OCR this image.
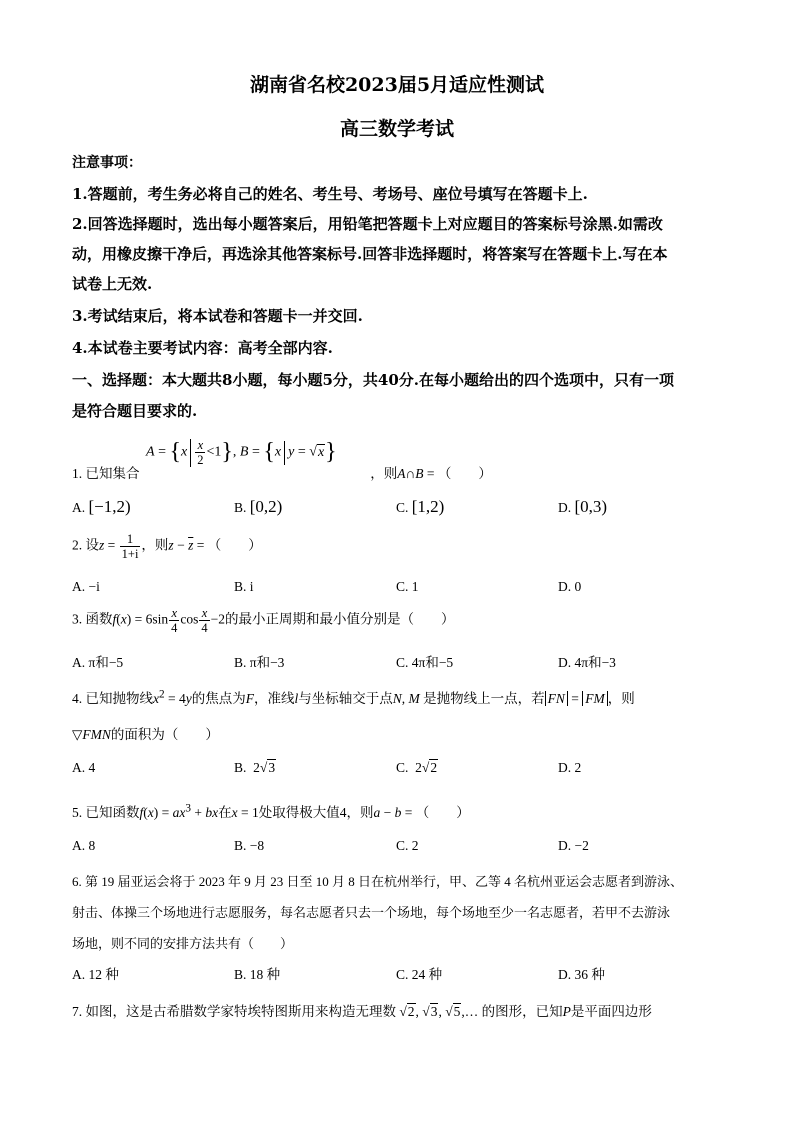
湖南省名校2023届5月适应性测试
高三数学考试
注意事项：
1.答题前，考生务必将自己的姓名、考生号、考场号、座位号填写在答题卡上.
2.回答选择题时，选出每小题答案后，用铅笔把答题卡上对应题目的答案标号涂黑.如需改
动，用橡皮擦干净后，再选涂其他答案标号.回答非选择题时，将答案写在答题卡上.写在本
试卷上无效.
3.考试结束后，将本试卷和答题卡一并交回.
4.本试卷主要考试内容：高考全部内容.
一、选择题：本大题共8小题，每小题5分，共40分.在每小题给出的四个选项中，只有一项
是符合题目要求的.
$A = \{x \frac{x}{2} <1\}$, B = {x y = √x}
1. 已知集合	，则A∩B = （　　）
A. [−1,2)	B. [0,2)	C. [1,2)	D. [0,3)
2. 设$z = \frac{1}{1+i}$ ，则$z - \overline{z}$ = （　　）
A. −i	B. i	C. 1	D. 0
3. 函数$f(x) = 6\sin \frac{x}{4}$ $\cos \frac{x}{4} -2$的最小正周期和最小值分别是（　　）
A. π和−5	B. π和−3	C. 4π和−5	D. 4π和−3
4. 已知抛物线$x^2 = 4y$的焦点为F，准线l与坐标轴交于点N, M 是抛物线上一点，若 FN = FM ，则
▽FMN的面积为（　　）
A. 4	B.  2√3	C.  2√2	D. 2
5. 已知函数$f(x) = ax^3$ + bx在x = 1处取得极大值4，则a − b = （　　）
A. 8	B. −8	C. 2	D. −2
6. 第 19 届亚运会将于 2023 年 9 月 23 日至 10 月 8 日在杭州举行，甲、乙等 4 名杭州亚运会志愿者到游泳、
射击、体操三个场地进行志愿服务，每名志愿者只去一个场地，每个场地至少一名志愿者，若甲不去游泳
场地，则不同的安排方法共有（　　）
A. 12 种	B. 18 种	C. 24 种	D. 36 种
7. 如图，这是古希腊数学家特埃特图斯用来构造无理数 √2, √3, √5,… 的图形，已知P是平面四边形
